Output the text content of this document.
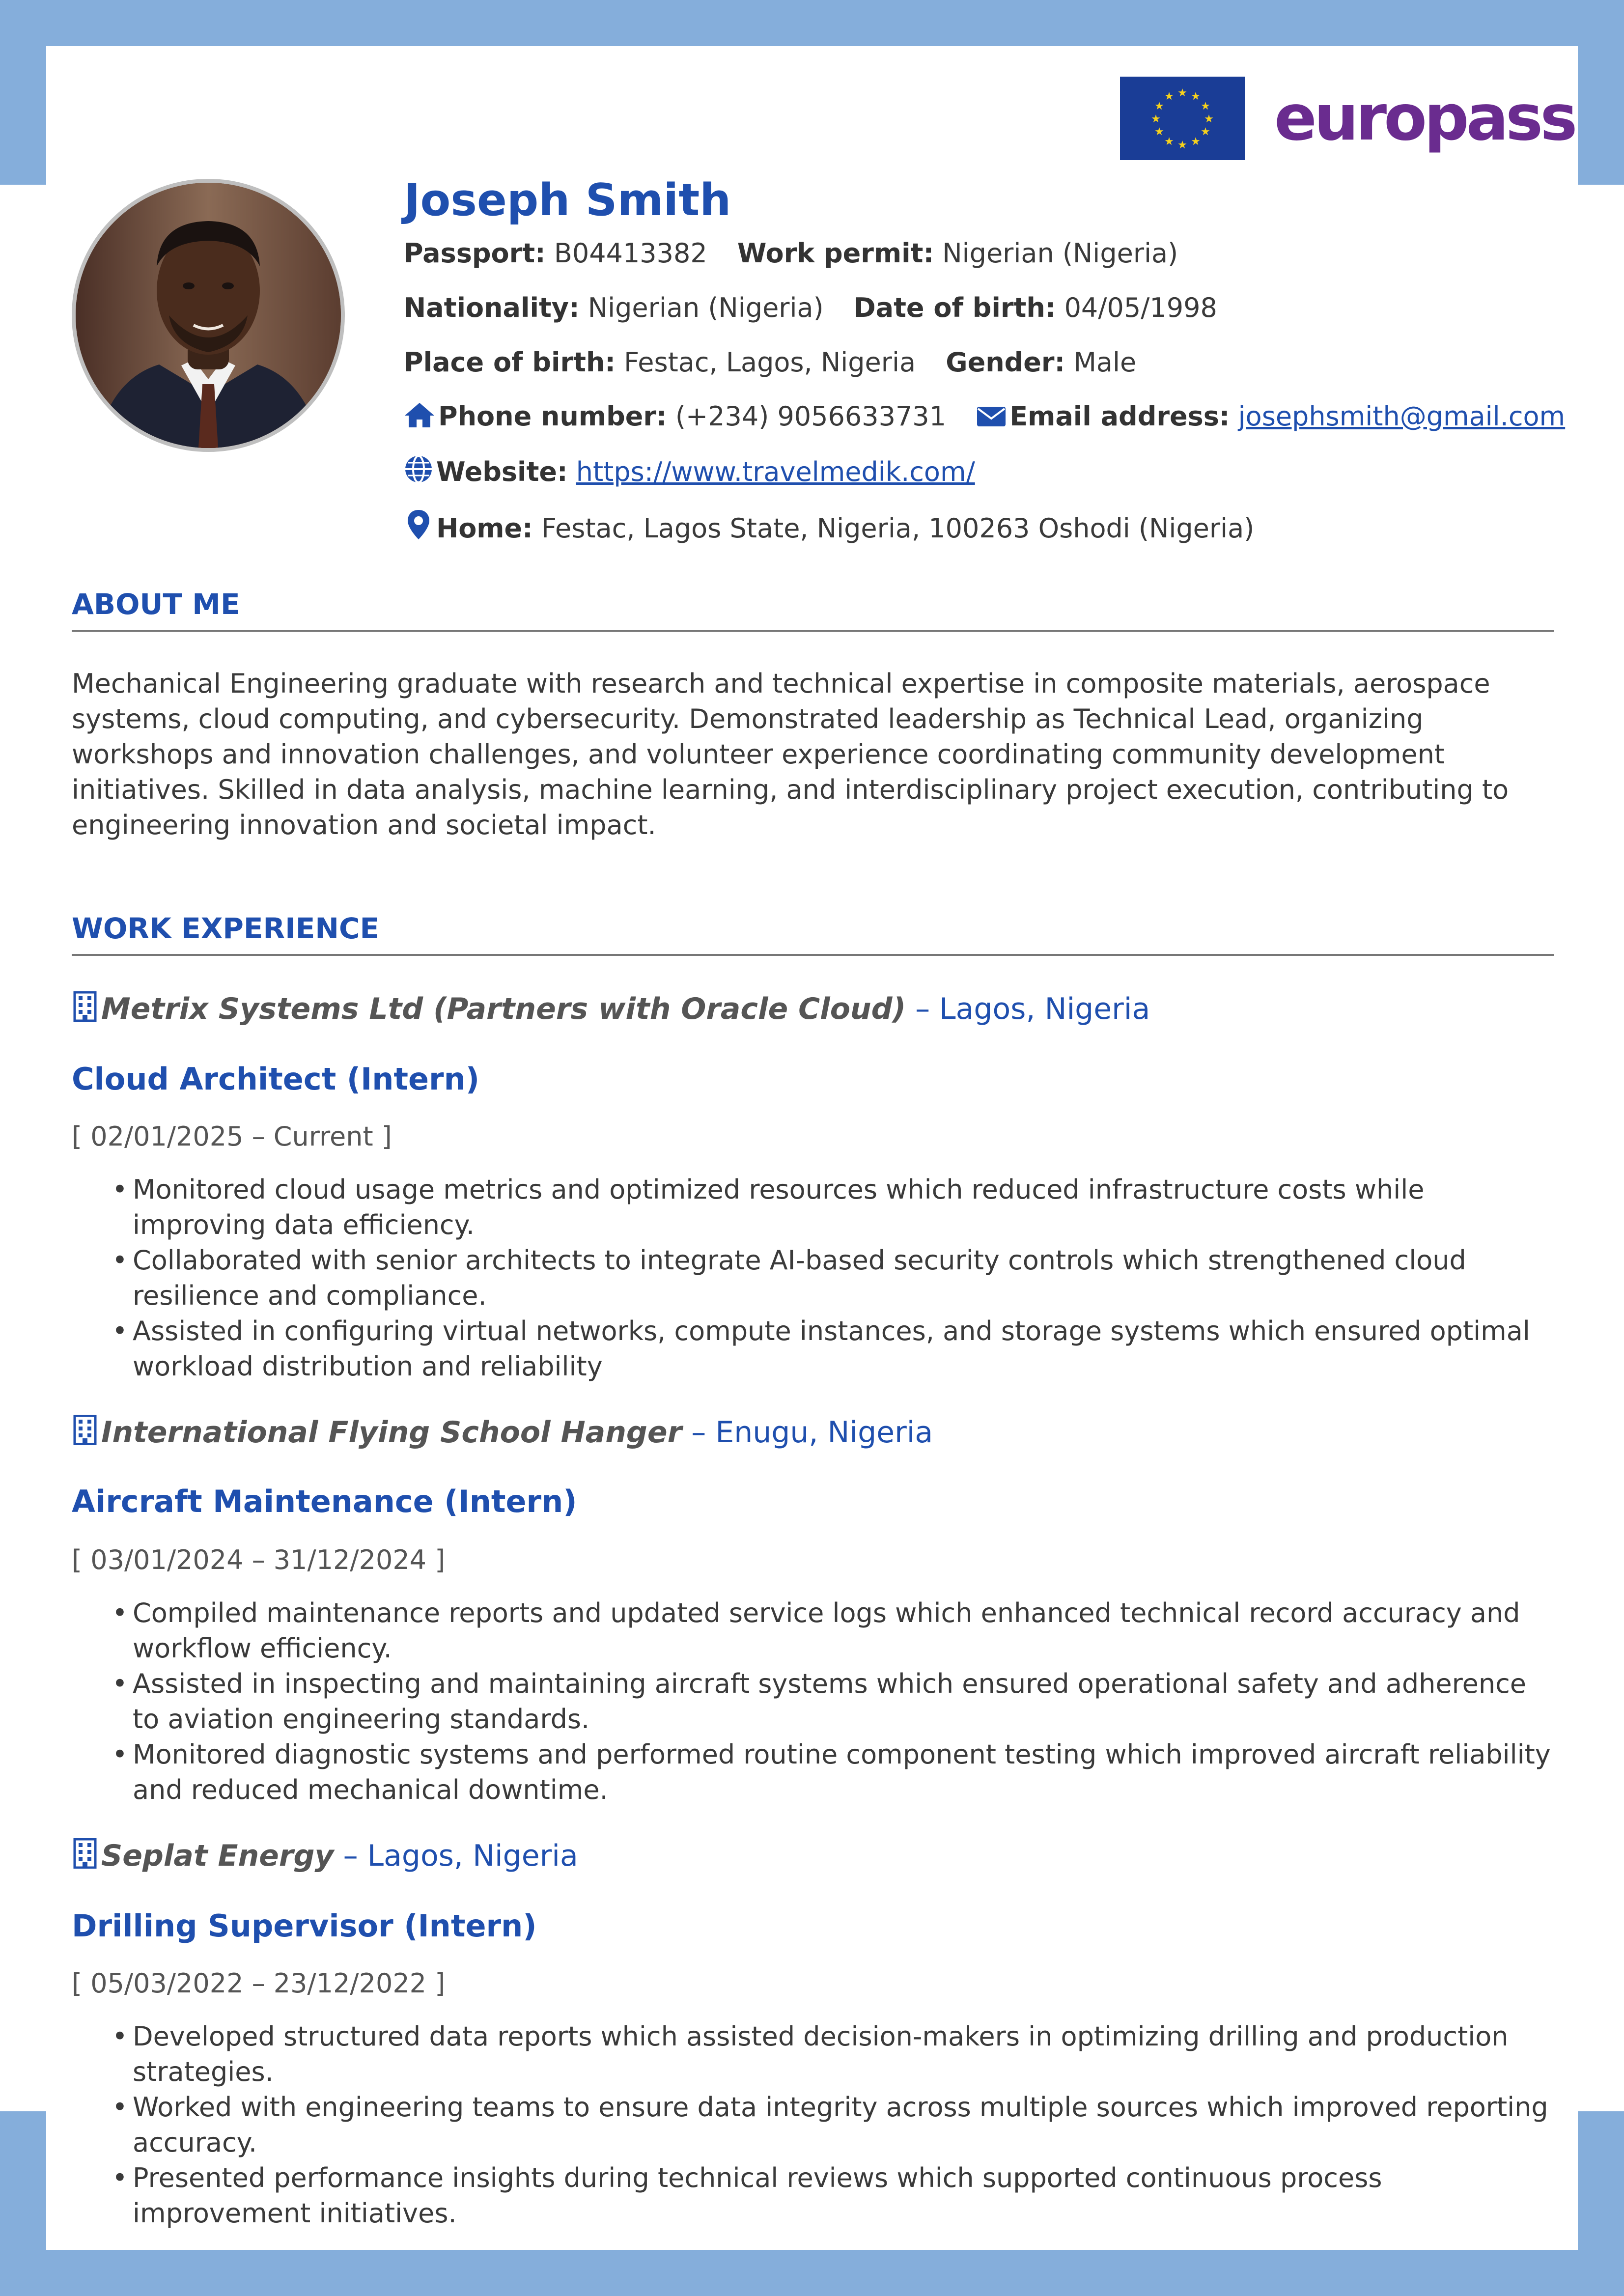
★ ★
★
★
★
★
★
★
★
★
★
★ europass
Joseph Smith
Passport: B04413382 Work permit: Nigerian (Nigeria)
Nationality: Nigerian (Nigeria) Date of birth: 04/05/1998
Place of birth: Festac, Lagos, Nigeria Gender: Male
Phone number: (+234) 9056633731 Email address: josephsmith@gmail.com
Website: https://www.travelmedik.com/
Home: Festac, Lagos State, Nigeria, 100263 Oshodi (Nigeria)
ABOUT ME
Mechanical Engineering graduate with research and technical expertise in composite materials, aerospace systems, cloud computing, and cybersecurity. Demonstrated leadership as Technical Lead, organizing workshops and innovation challenges, and volunteer experience coordinating community development initiatives. Skilled in data analysis, machine learning, and interdisciplinary project execution, contributing to engineering innovation and societal impact.
WORK EXPERIENCE
Metrix Systems Ltd (Partners with Oracle Cloud) – Lagos, Nigeria
Cloud Architect (Intern)
[ 02/01/2025 – Current ]
• Monitored cloud usage metrics and optimized resources which reduced infrastructure costs while improving data efficiency.
• Collaborated with senior architects to integrate AI-based security controls which strengthened cloud resilience and compliance.
• Assisted in configuring virtual networks, compute instances, and storage systems which ensured optimal workload distribution and reliability
International Flying School Hanger – Enugu, Nigeria
Aircraft Maintenance (Intern)
[ 03/01/2024 – 31/12/2024 ]
• Compiled maintenance reports and updated service logs which enhanced technical record accuracy and workflow efficiency.
• Assisted in inspecting and maintaining aircraft systems which ensured operational safety and adherence to aviation engineering standards.
• Monitored diagnostic systems and performed routine component testing which improved aircraft reliability and reduced mechanical downtime.
Seplat Energy – Lagos, Nigeria
Drilling Supervisor (Intern)
[ 05/03/2022 – 23/12/2022 ]
• Developed structured data reports which assisted decision-makers in optimizing drilling and production strategies.
• Worked with engineering teams to ensure data integrity across multiple sources which improved reporting accuracy.
• Presented performance insights during technical reviews which supported continuous process improvement initiatives.
